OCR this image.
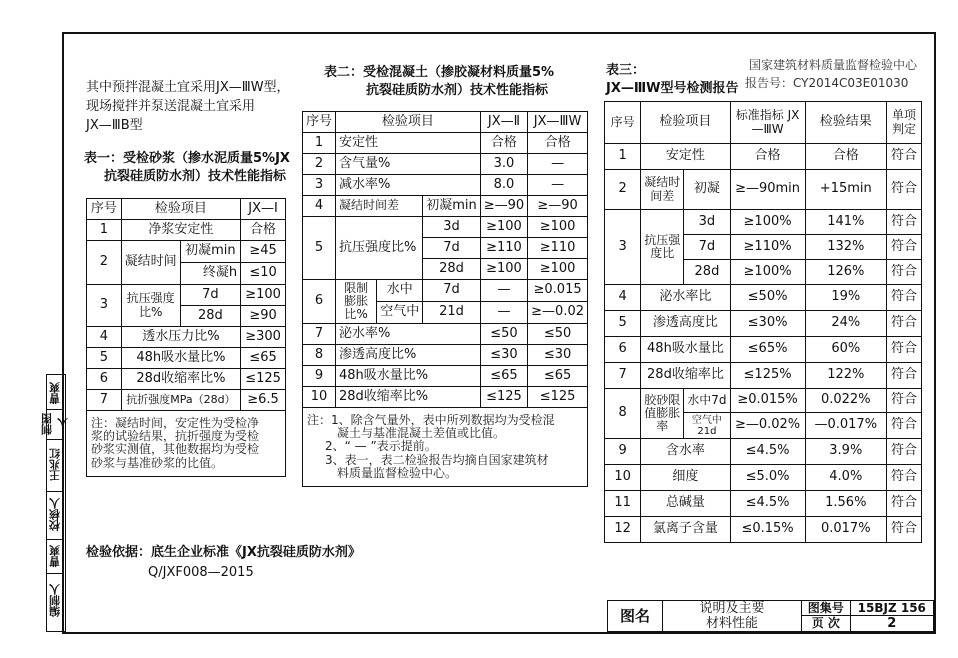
其中预拌混凝土宜采用JX—ⅢW型，
现场搅拌并泵送混凝土宜采用
JX—ⅢB型
表一：受检砂浆（掺水泥质量5%JX
抗裂硅质防水剂）技术性能指标
序号	检验项目		JX—Ⅰ
1	净浆安定性		合格
2	凝结时间	初凝min	≥45
		终凝h	≤10
3	抗压强度比%	7d	≥100
		28d	≥90
4	透水压力比%		≥300
5	48h吸水量比%		≤65
6	28d收缩率比%		≤125
7	抗折强度MPa（28d）		≥6.5

注：凝结时间，安定性为受检净
浆的试验结果，抗折强度为受检
砂浆实测值，其他数据均为受检
砂浆与基准砂浆的比值。			
检验依据：底生企业标准《JX抗裂硅质防水剂》
Q/JXF008—2015
表二：受检混凝土（掺胶凝材料质量5%
抗裂硅质防水剂）技术性能指标
序号	检验项目			JX—Ⅱ	JX—ⅢW
1	安定性			合格	合格
2	含气量%			3.0	—
3	减水率%			8.0	—
4	凝结时间差		初凝min	≥—90	≥—90
5	抗压强度比%		3d	≥100	≥100
			7d	≥110	≥110
			28d	≥100	≥100
6	限制膨胀比%	水中	7d	—	≥0.015
		空气中	21d	—	≥—0.02
7	泌水率%			≤50	≤50
8	渗透高度比%			≤30	≤30
9	48h吸水量比%			≤65	≤65
10	28d收缩率比%			≤125	≤125

注：1、除含气量外，表中所列数据均为受检混
凝土与基准混凝土差值或比值。
2、“ — ”表示提前。
3、表一，表二检验报告均摘自国家建筑材
料质量监督检验中心。					
表三：
JX—ⅢW型号检测报告
国家建筑材料质量监督检验中心
报告号：CY2014C03E01030
序号	检验项目		标准指标 JX—ⅢW	检验结果	单项判定
1	安定性		合格	合格	符合
2	凝结时间差	初凝	≥—90min	+15min	符合
3	抗压强度比	3d	≥100%	141%	符合
		7d	≥110%	132%	符合
		28d	≥100%	126%	符合
4	泌水率比		≤50%	19%	符合
5	渗透高度比		≤30%	24%	符合
6	48h吸水量比		≤65%	60%	符合
7	28d收缩率比		≤125%	122%	符合
8	胶砂限值膨胀率	水中7d	≥0.015%	0.022%	符合
		空气中21d	≥—0.02%	—0.017%	符合
9	含水率		≤4.5%	3.9%	符合
10	细度		≤5.0%	4.0%	符合
11	总碱量		≤4.5%	1.56%	符合
12	氯离子含量		≤0.15%	0.017%	符合
图名	说明及主要
材料性能	图集号	15BJZ 156
		页 次	2
编制人
曹爽
校核人
王兆红
制图人
曹爽
